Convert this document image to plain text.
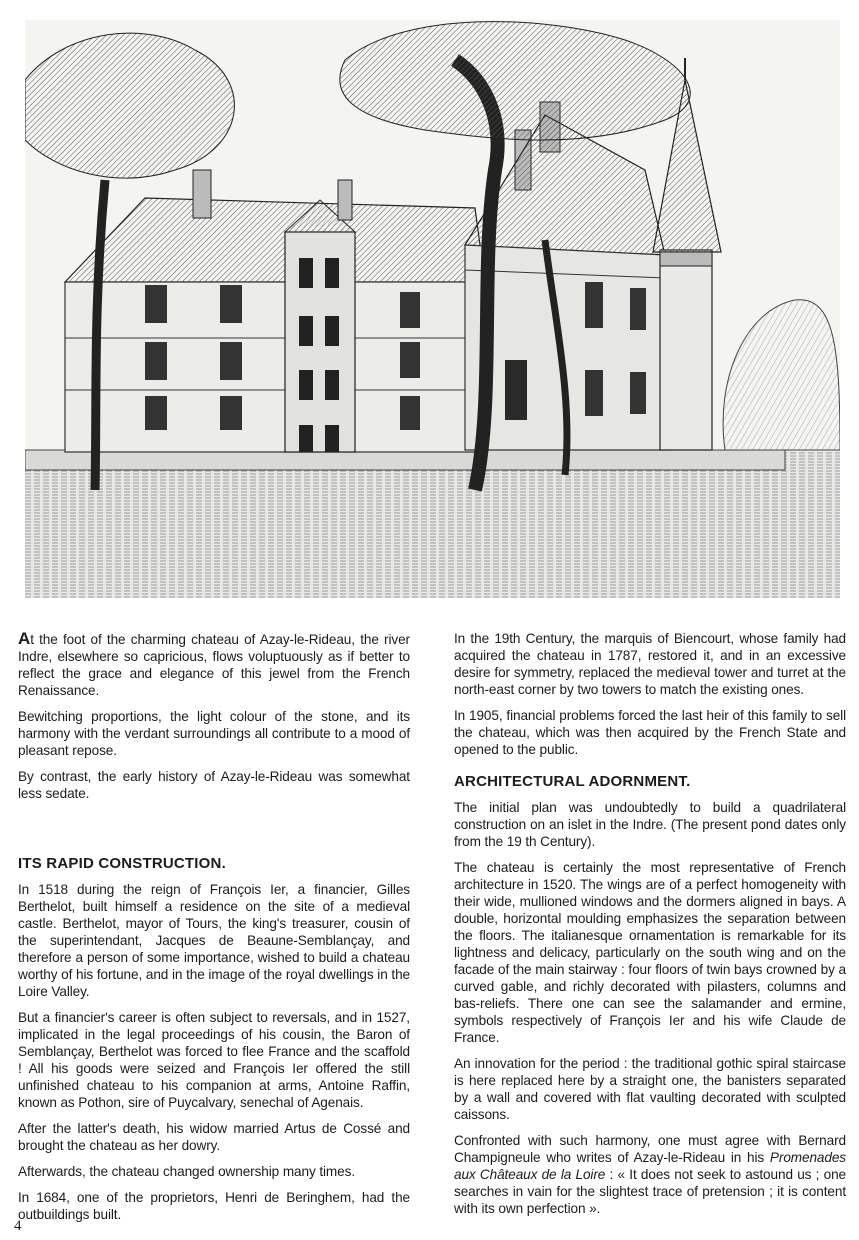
At the foot of the charming chateau of Azay-le-Rideau, the river Indre, elsewhere so capricious, flows voluptuously as if better to reflect the grace and elegance of this jewel from the French Renaissance.

Bewitching proportions, the light colour of the stone, and its harmony with the verdant surroundings all contribute to a mood of pleasant repose.

By contrast, the early history of Azay-le-Rideau was somewhat less sedate.

ITS RAPID CONSTRUCTION.

In 1518 during the reign of François Ier, a financier, Gilles Berthelot, built himself a residence on the site of a medieval castle. Berthelot, mayor of Tours, the king's treasurer, cousin of the superintendant, Jacques de Beaune-Semblançay, and therefore a person of some importance, wished to build a chateau worthy of his fortune, and in the image of the royal dwellings in the Loire Valley.

But a financier's career is often subject to reversals, and in 1527, implicated in the legal proceedings of his cousin, the Baron of Semblançay, Berthelot was forced to flee France and the scaffold ! All his goods were seized and François Ier offered the still unfinished chateau to his companion at arms, Antoine Raffin, known as Pothon, sire of Puycalvary, senechal of Agenais.

After the latter's death, his widow married Artus de Cossé and brought the chateau as her dowry.

Afterwards, the chateau changed ownership many times.

In 1684, one of the proprietors, Henri de Beringhem, had the outbuildings built.

In the 19th Century, the marquis of Biencourt, whose family had acquired the chateau in 1787, restored it, and in an excessive desire for symmetry, replaced the medieval tower and turret at the north-east corner by two towers to match the existing ones.

In 1905, financial problems forced the last heir of this family to sell the chateau, which was then acquired by the French State and opened to the public.

ARCHITECTURAL ADORNMENT.

The initial plan was undoubtedly to build a quadrilateral construction on an islet in the Indre. (The present pond dates only from the 19 th Century).

The chateau is certainly the most representative of French architecture in 1520. The wings are of a perfect homogeneity with their wide, mullioned windows and the dormers aligned in bays. A double, horizontal moulding emphasizes the separation between the floors. The italianesque ornamentation is remarkable for its lightness and delicacy, particularly on the south wing and on the facade of the main stairway : four floors of twin bays crowned by a curved gable, and richly decorated with pilasters, columns and bas-reliefs. There one can see the salamander and ermine, symbols respectively of François Ier and his wife Claude de France.

An innovation for the period : the traditional gothic spiral staircase is here replaced here by a straight one, the banisters separated by a wall and covered with flat vaulting decorated with sculpted caissons.

Confronted with such harmony, one must agree with Bernard Champigneule who writes of Azay-le-Rideau in his Promenades aux Châteaux de la Loire : « It does not seek to astound us ; one searches in vain for the slightest trace of pretension ; it is content with its own perfection ».

4
